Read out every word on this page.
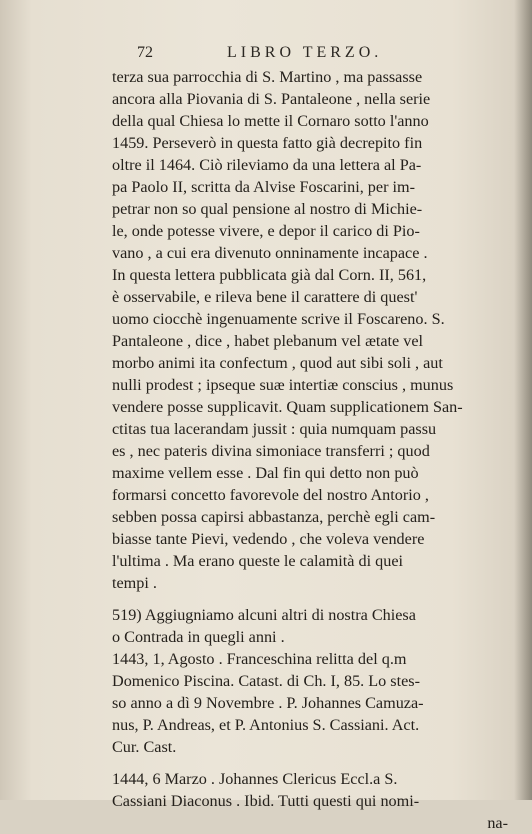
72	LIBRO TERZO.
terza sua parrocchia di S. Martino , ma passasse
ancora alla Piovania di S. Pantaleone , nella serie
della qual Chiesa lo mette il Cornaro sotto l'anno
1459. Perseverò in questa fatto già decrepito fin
oltre il 1464. Ciò rileviamo da una lettera al Pa-
pa Paolo II, scritta da Alvise Foscarini, per im-
petrar non so qual pensione al nostro di Michie-
le, onde potesse vivere, e depor il carico di Pio-
vano , a cui era divenuto onninamente incapace .
In questa lettera pubblicata già dal Corn. II, 561,
è osservabile, e rileva bene il carattere di quest'
uomo ciocchè ingenuamente scrive il Foscareno. S.
Pantaleone , dice , habet plebanum vel ætate vel
morbo animi ita confectum , quod aut sibi soli , aut
nulli prodest ; ipseque suæ intertiæ conscius , munus
vendere posse supplicavit. Quam supplicationem San-
ctitas tua lacerandam jussit : quia numquam passu
es , nec pateris divina simoniace transferri ; quod
maxime vellem esse . Dal fin qui detto non può
formarsi concetto favorevole del nostro Antorio ,
sebben possa capirsi abbastanza, perchè egli cam-
biasse tante Pievi, vedendo , che voleva vendere
l'ultima . Ma erano queste le calamità di quei
tempi .
519) Aggiugniamo alcuni altri di nostra Chiesa
o Contrada in quegli anni .
1443, 1, Agosto . Franceschina relitta del q.m
Domenico Piscina. Catast. di Ch. I, 85. Lo stes-
so anno a dì 9 Novembre . P. Johannes Camuza-
nus, P. Andreas, et P. Antonius S. Cassiani. Act.
Cur. Cast.
1444, 6 Marzo . Johannes Clericus Eccl.a S.
Cassiani Diaconus . Ibid. Tutti questi qui nomi-
na-
